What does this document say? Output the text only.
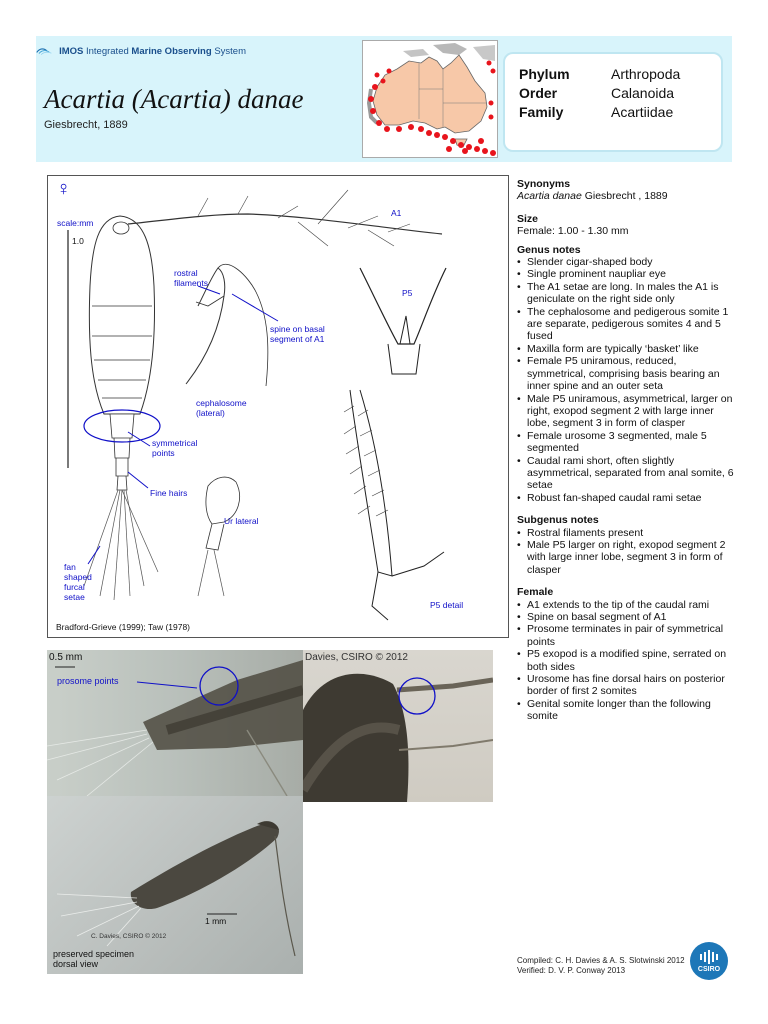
IMOS Integrated Marine Observing System
Acartia (Acartia) danae
Giesbrecht, 1889
Phylum	Arthropoda
Order	Calanoida
Family	Acartiidae
♀
scale:mm
1.0
A1
rostral filaments
spine on basal segment of A1
P5
cephalosome (lateral)
symmetrical points
Fine hairs
Ur lateral
fan shaped furcal setae
P5 detail
Bradford-Grieve (1999); Taw (1978)
0.5 mm
prosome points
Davies, CSIRO © 2012
1 mm
C. Davies, CSIRO © 2012
preserved specimen
dorsal view
Synonyms
Acartia danae Giesbrecht , 1889
Size
Female: 1.00 - 1.30 mm
Genus notes
• Slender cigar-shaped body
• Single prominent naupliar eye
• The A1 setae are long. In males the A1 is geniculate on the right side only
• The cephalosome and pedigerous somite 1 are separate, pedigerous somites 4 and 5 fused
• Maxilla form are typically ‘basket’ like
• Female P5 uniramous, reduced, symmetrical, comprising basis bearing an inner spine and an outer seta
• Male P5 uniramous, asymmetrical, larger on right, exopod segment 2 with large inner lobe, segment 3 in form of clasper
• Female urosome 3 segmented, male 5 segmented
• Caudal rami short, often slightly asymmetrical, separated from anal somite, 6 setae
• Robust fan-shaped caudal rami setae
Subgenus notes
• Rostral filaments present
• Male P5 larger on right, exopod segment 2 with large inner lobe, segment 3 in form of clasper
Female
• A1 extends to the tip of the caudal rami
• Spine on basal segment of A1
• Prosome terminates in pair of symmetrical points
• P5 exopod is a modified spine, serrated on both sides
• Urosome has fine dorsal hairs on posterior border of first 2 somites
• Genital somite longer than the following somite
Compiled: C. H. Davies & A. S. Slotwinski 2012
Verified: D. V. P. Conway 2013	CSIRO
